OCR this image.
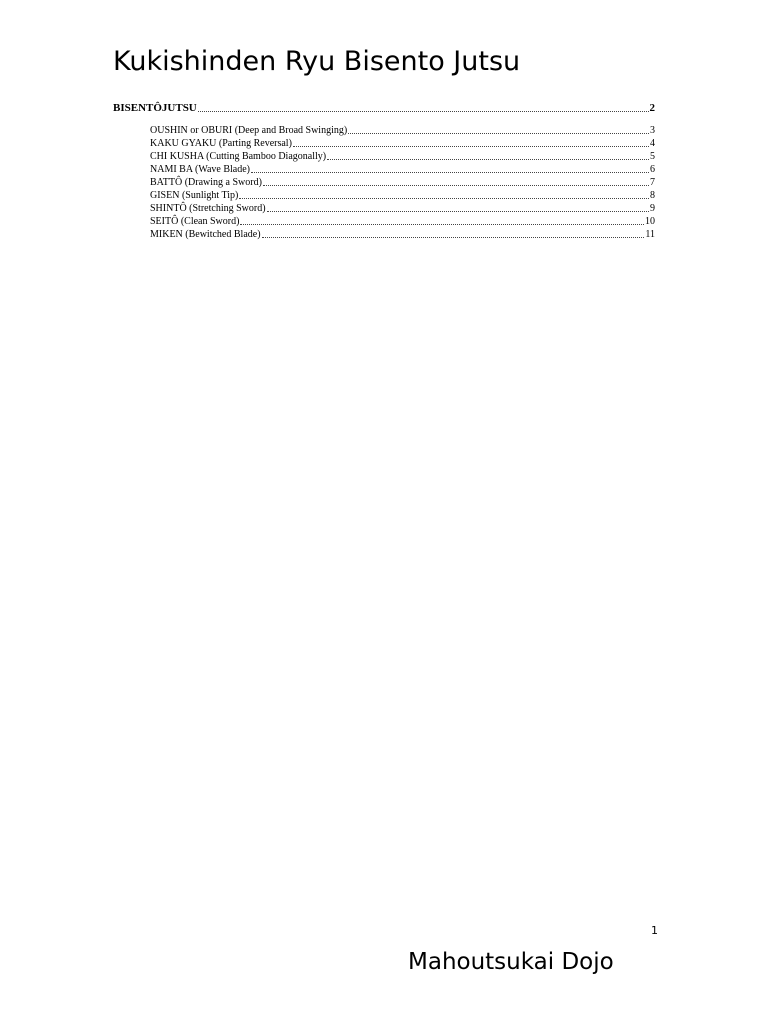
Kukishinden Ryu Bisento Jutsu
BISENTÔJUTSU	2
OUSHIN or OBURI (Deep and Broad Swinging)	3
KAKU GYAKU (Parting Reversal)	4
CHI KUSHA (Cutting Bamboo Diagonally)	5
NAMI BA (Wave Blade)	6
BATTÔ (Drawing a Sword)	7
GISEN (Sunlight Tip)	8
SHINTÔ (Stretching Sword)	9
SEITÔ (Clean Sword)	10
MIKEN (Bewitched Blade)	11
1
Mahoutsukai Dojo
